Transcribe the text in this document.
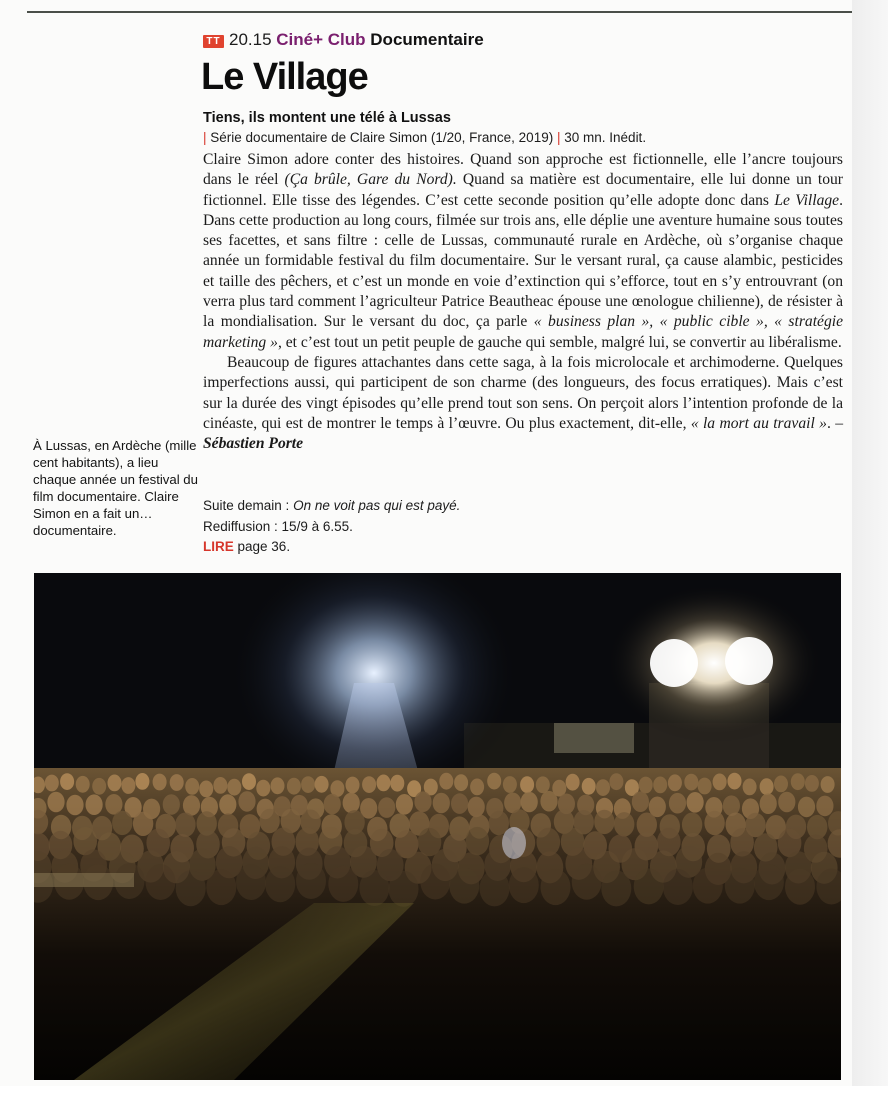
TT 20.15 Ciné+ Club Documentaire
Le Village
Tiens, ils montent une télé à Lussas
| Série documentaire de Claire Simon (1/20, France, 2019) | 30 mn. Inédit.

Claire Simon adore conter des histoires. Quand son approche est fictionnelle, elle l’ancre toujours dans le réel (Ça brûle, Gare du Nord). Quand sa matière est documentaire, elle lui donne un tour fictionnel. Elle tisse des légendes. C’est cette seconde position qu’elle adopte donc dans Le Village. Dans cette production au long cours, filmée sur trois ans, elle déplie une aventure humaine sous toutes ses facettes, et sans filtre : celle de Lussas, communauté rurale en Ardèche, où s’organise chaque année un formidable festival du film documentaire. Sur le versant rural, ça cause alambic, pesticides et taille des pêchers, et c’est un monde en voie d’extinction qui s’efforce, tout en s’y entrouvrant (on verra plus tard comment l’agriculteur Patrice Beautheac épouse une œnologue chilienne), de résister à la mondialisation. Sur le versant du doc, ça parle « business plan », « public cible », « stratégie marketing », et c’est tout un petit peuple de gauche qui semble, malgré lui, se convertir au libéralisme.

Beaucoup de figures attachantes dans cette saga, à la fois microlocale et archimoderne. Quelques imperfections aussi, qui participent de son charme (des longueurs, des focus erratiques). Mais c’est sur la durée des vingt épisodes qu’elle prend tout son sens. On perçoit alors l’intention profonde de la cinéaste, qui est de montrer le temps à l’œuvre. Ou plus exactement, dit-elle, « la mort au travail ». – Sébastien Porte

Suite demain : On ne voit pas qui est payé.
Rediffusion : 15/9 à 6.55.
LIRE page 36.
À Lussas, en Ardèche (mille cent habitants), a lieu chaque année un festival du film documentaire. Claire Simon en a fait un… documentaire.
